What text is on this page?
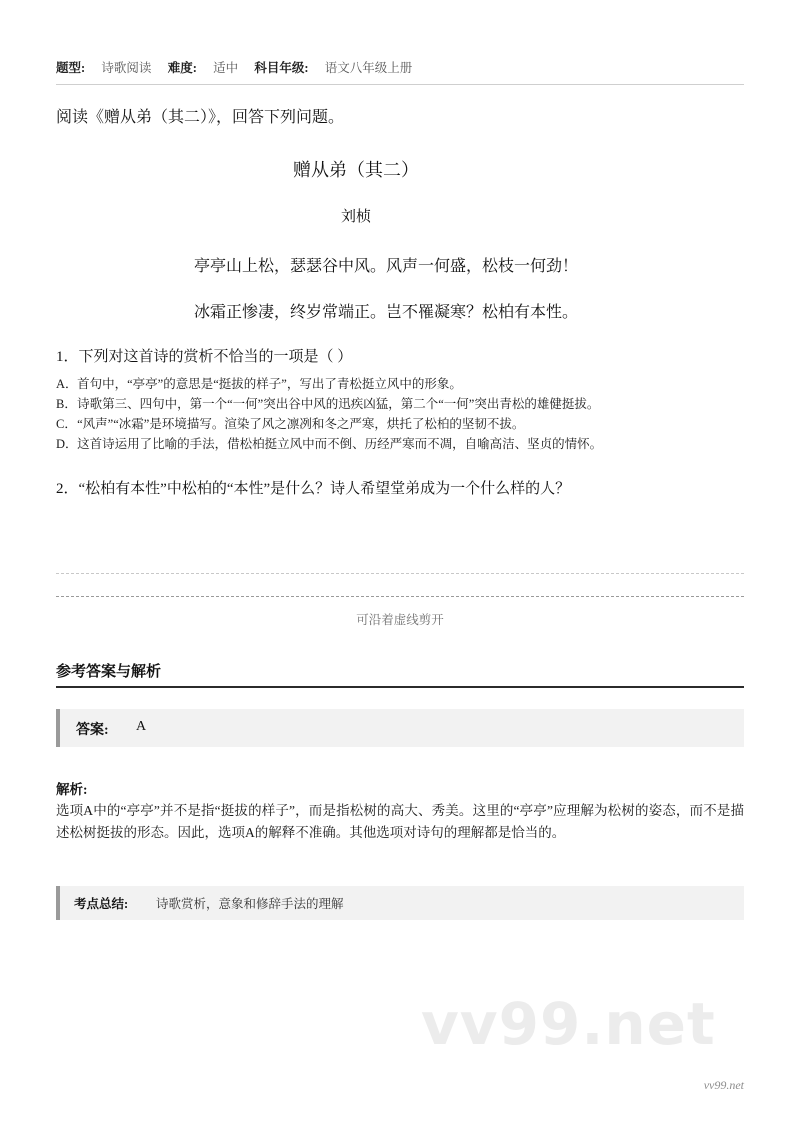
题型: 诗歌阅读 难度: 适中 科目年级: 语文八年级上册
阅读《赠从弟（其二）》，回答下列问题。
赠从弟（其二）
刘桢
亭亭山上松，瑟瑟谷中风。风声一何盛，松枝一何劲！
冰霜正惨凄，终岁常端正。岂不罹凝寒？松柏有本性。
1．下列对这首诗的赏析不恰当的一项是（ ）
A． 首句中，“亭亭”的意思是“挺拔的样子”，写出了青松挺立风中的形象。
B． 诗歌第三、四句中，第一个“一何”突出谷中风的迅疾凶猛，第二个“一何”突出青松的雄健挺拔。
C． “风声”“冰霜”是环境描写。渲染了风之凛冽和冬之严寒，烘托了松柏的坚韧不拔。
D． 这首诗运用了比喻的手法，借松柏挺立风中而不倒、历经严寒而不凋，自喻高洁、坚贞的情怀。
2．“松柏有本性”中松柏的“本性”是什么？诗人希望堂弟成为一个什么样的人？
可沿着虚线剪开
参考答案与解析
答案: A
解析:
选项A中的“亭亭”并不是指“挺拔的样子”，而是指松树的高大、秀美。这里的“亭亭”应理解为松树的姿态，而不是描述松树挺拔的形态。因此，选项A的解释不准确。其他选项对诗句的理解都是恰当的。
考点总结: 诗歌赏析，意象和修辞手法的理解
vv99.net
vv99.net
